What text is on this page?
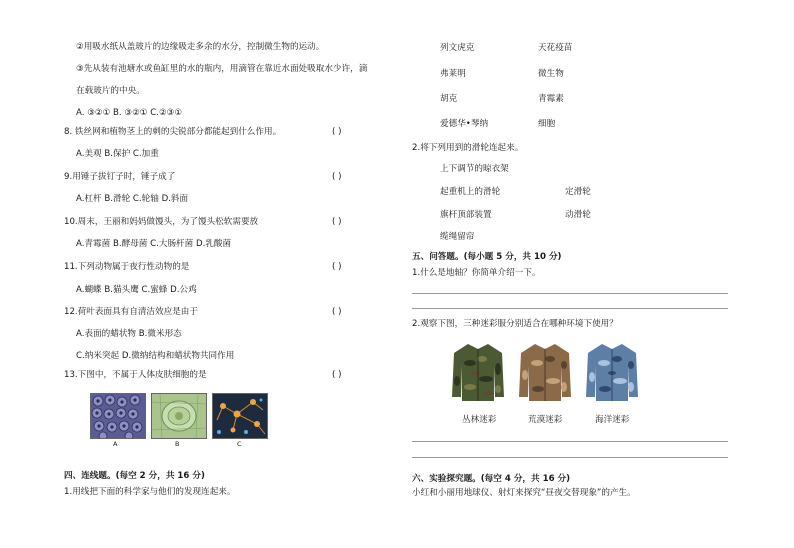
②用吸水纸从盖玻片的边缘吸走多余的水分，控制微生物的运动。
③先从装有池塘水或鱼缸里的水的瓶内，用滴管在靠近水面处吸取水少许，滴
在载玻片的中央。
A. ③②① B. ③②① C.②③①
8. 铁丝网和植物茎上的刺的尖锐部分都能起到什么作用。	( )
A.美观 B.保护 C.加重
9.用锤子拔钉子时，锤子成了	( )
A.杠杆 B.滑轮 C.轮轴 D.斜面
10.周末，王丽和妈妈做馒头，为了馒头松软需要放	( )
A.青霉菌 B.酵母菌 C.大肠杆菌 D.乳酸菌
11.下列动物属于夜行性动物的是	( )
A.蝴蝶 B.猫头鹰 C.蜜蜂 D.公鸡
12.荷叶表面具有自清洁效应是由于	( )
A.表面的蜡状物 B.微米形态
C.纳米突起 D.微纳结构和蜡状物共同作用
13.下图中，不属于人体皮肤细胞的是	( )
A	B	C
四、连线题。(每空 2 分，共 16 分)
1.用线把下面的科学家与他们的发现连起来。
列文虎克	天花疫苗
弗莱明	微生物
胡克	青霉素
爱德华•琴纳	细胞
2.将下列用到的滑轮连起来。
上下调节的晾衣架
起重机上的滑轮	定滑轮
旗杆顶部装置	动滑轮
缆绳留帘
五、问答题。(每小题 5 分，共 10 分)
1.什么是地轴？你简单介绍一下。
2.观察下图，三种迷彩服分别适合在哪种环境下使用？
丛林迷彩	荒漠迷彩	海洋迷彩
六、实验探究题。(每空 4 分，共 16 分)
小红和小丽用地球仪、射灯来探究“昼夜交替现象”的产生。
